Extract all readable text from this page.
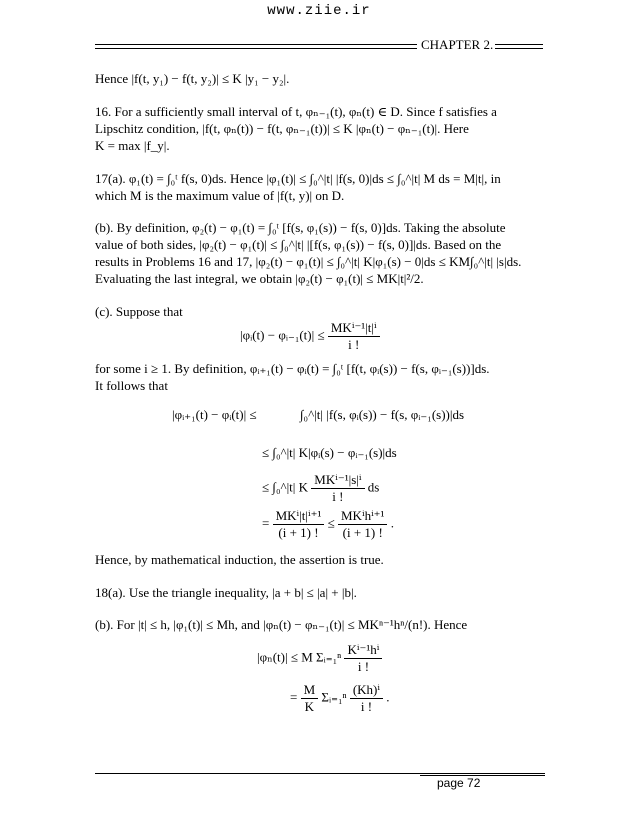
www.ziie.ir
CHAPTER 2.
Hence |f(t, y₁) − f(t, y₂)| ≤ K |y₁ − y₂|.
16. For a sufficiently small interval of t, φₙ₋₁(t), φₙ(t) ∈ D. Since f satisfies a
Lipschitz condition, |f(t, φₙ(t)) − f(t, φₙ₋₁(t))| ≤ K |φₙ(t) − φₙ₋₁(t)|. Here
K = max |f_y|.
17(a). φ₁(t) = ∫₀ᵗ f(s, 0)ds. Hence |φ₁(t)| ≤ ∫₀^|t| |f(s, 0)|ds ≤ ∫₀^|t| M ds = M|t|, in
which M is the maximum value of |f(t, y)| on D.
(b). By definition, φ₂(t) − φ₁(t) = ∫₀ᵗ [f(s, φ₁(s)) − f(s, 0)]ds. Taking the absolute
value of both sides, |φ₂(t) − φ₁(t)| ≤ ∫₀^|t| |[f(s, φ₁(s)) − f(s, 0)]|ds. Based on the
results in Problems 16 and 17, |φ₂(t) − φ₁(t)| ≤ ∫₀^|t| K|φ₁(s) − 0|ds ≤ KM∫₀^|t| |s|ds.
Evaluating the last integral, we obtain |φ₂(t) − φ₁(t)| ≤ MK|t|²/2.
(c). Suppose that
|φᵢ(t) − φᵢ₋₁(t)| ≤ $\frac{\text{MKⁱ⁻¹|t|ⁱ}}{i !}$
for some i ≥ 1. By definition, φᵢ₊₁(t) − φᵢ(t) = ∫₀ᵗ [f(t, φᵢ(s)) − f(s, φᵢ₋₁(s))]ds.
It follows that
|φᵢ₊₁(t) − φᵢ(t)| ≤	∫₀^|t| |f(s, φᵢ(s)) − f(s, φᵢ₋₁(s))|ds
≤ ∫₀^|t| K|φᵢ(s) − φᵢ₋₁(s)|ds
≤ ∫₀^|t| K $\frac{\text{MKⁱ⁻¹|s|ⁱ}}{i !}$ ds
= $\frac{\text{MKⁱ|t|ⁱ⁺¹}}{(i + 1) !} \le \frac{\text{MKⁱhⁱ⁺¹}}{(i + 1) !}$ .
Hence, by mathematical induction, the assertion is true.
18(a). Use the triangle inequality, |a + b| ≤ |a| + |b|.
(b). For |t| ≤ h, |φ₁(t)| ≤ Mh, and |φₙ(t) − φₙ₋₁(t)| ≤ MKⁿ⁻¹hⁿ/(n!). Hence
|φₙ(t)| ≤ M Σᵢ₌₁ⁿ $\frac{\text{Kⁱ⁻¹hⁱ}}{i !}$
= $\frac{M}{K}$ Σᵢ₌₁ⁿ $\frac{\text{(Kh)ⁱ}}{i !}$ .
page 72
